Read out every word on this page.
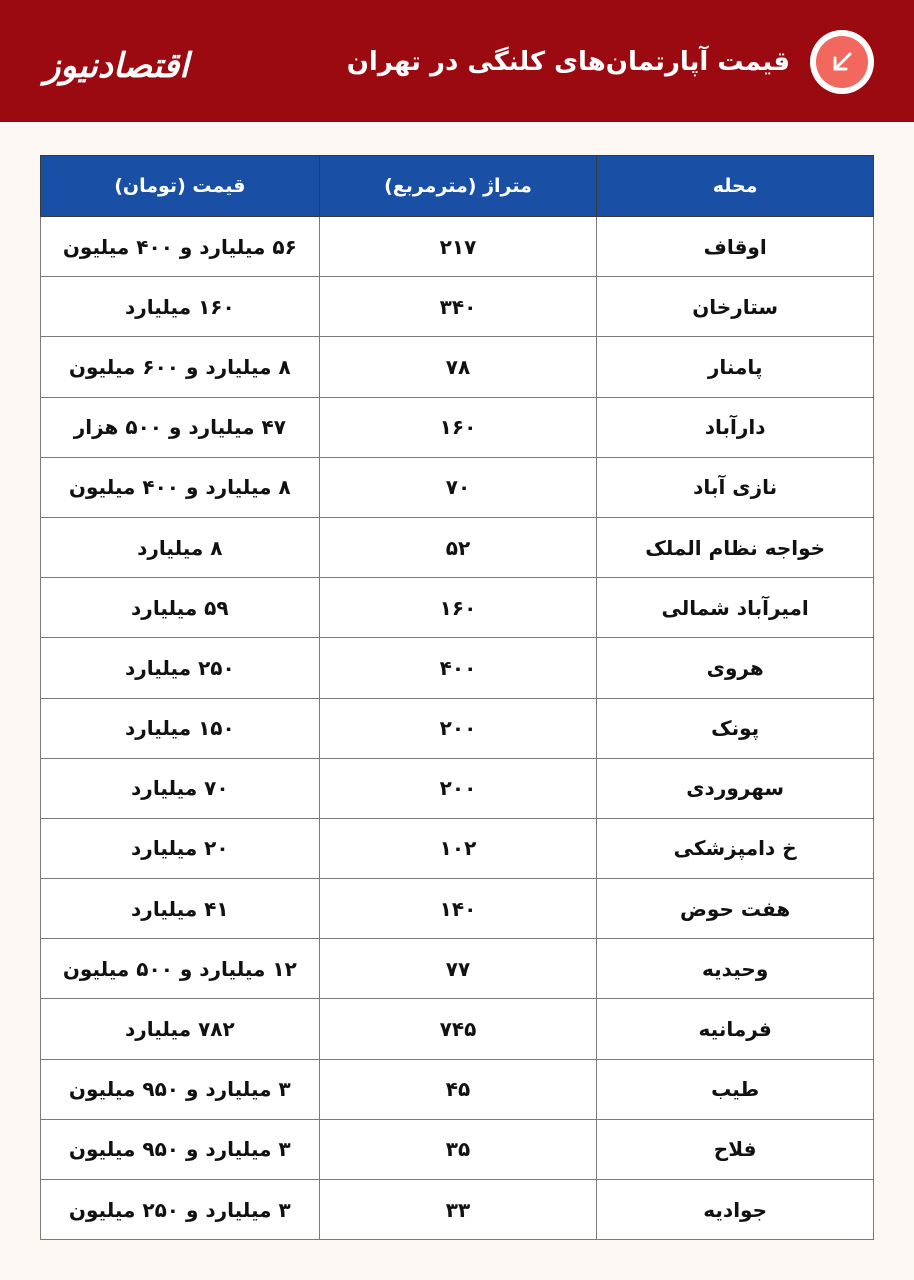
قیمت آپارتمان‌های کلنگی در تهران
اقتصادنیوز
محله	متراژ (مترمربع)	قیمت (تومان)
اوقاف	۲۱۷	۵۶ میلیارد و ۴۰۰ میلیون
ستارخان	۳۴۰	۱۶۰ میلیارد
پامنار	۷۸	۸ میلیارد و ۶۰۰ میلیون
دارآباد	۱۶۰	۴۷ میلیارد و ۵۰۰ هزار
نازی آباد	۷۰	۸ میلیارد و ۴۰۰ میلیون
خواجه نظام الملک	۵۲	۸ میلیارد
امیرآباد شمالی	۱۶۰	۵۹ میلیارد
هروی	۴۰۰	۲۵۰ میلیارد
پونک	۲۰۰	۱۵۰ میلیارد
سهروردی	۲۰۰	۷۰ میلیارد
خ دامپزشکی	۱۰۲	۲۰ میلیارد
هفت حوض	۱۴۰	۴۱ میلیارد
وحیدیه	۷۷	۱۲ میلیارد و ۵۰۰ میلیون
فرمانیه	۷۴۵	۷۸۲ میلیارد
طیب	۴۵	۳ میلیارد و ۹۵۰ میلیون
فلاح	۳۵	۳ میلیارد و ۹۵۰ میلیون
جوادیه	۳۳	۳ میلیارد و ۲۵۰ میلیون
